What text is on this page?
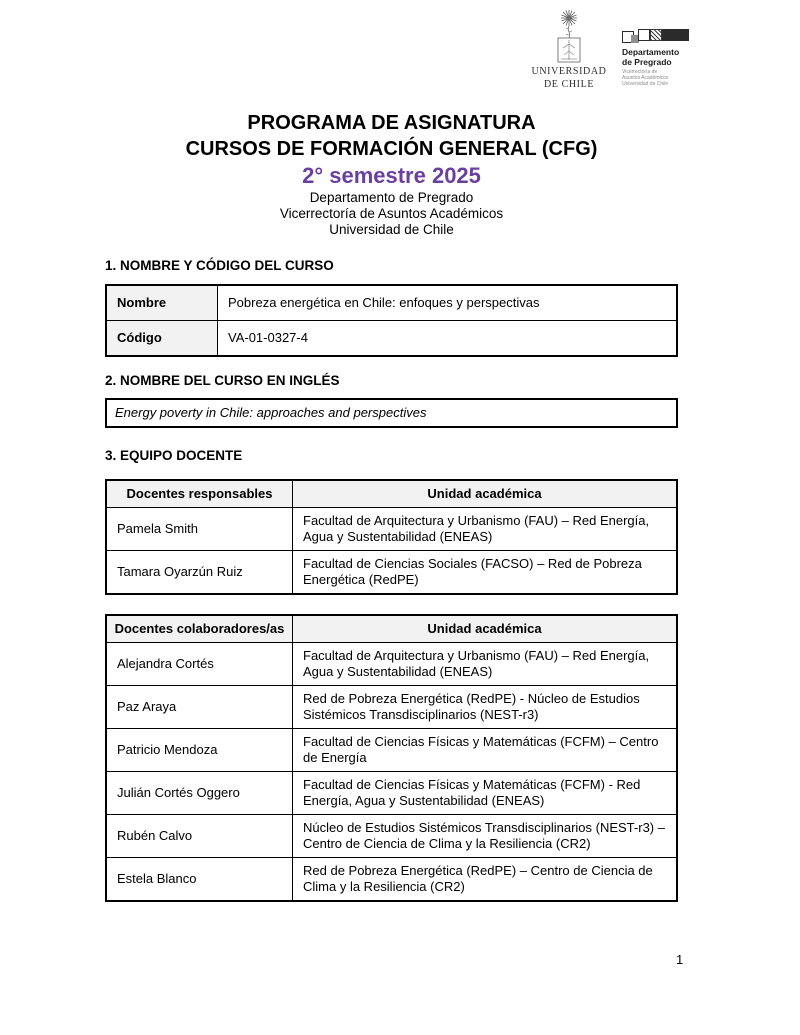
UNIVERSIDAD
DE CHILE
Departamento
de Pregrado
Vicerrectoría de
Asuntos Académicos
Universidad de Chile
PROGRAMA DE ASIGNATURA
CURSOS DE FORMACIÓN GENERAL (CFG)
2° semestre 2025
Departamento de Pregrado
Vicerrectoría de Asuntos Académicos
Universidad de Chile
1. NOMBRE Y CÓDIGO DEL CURSO
Nombre	Pobreza energética en Chile: enfoques y perspectivas
Código	VA-01-0327-4
2. NOMBRE DEL CURSO EN INGLÉS
Energy poverty in Chile: approaches and perspectives
3. EQUIPO DOCENTE
Docentes responsables	Unidad académica
Pamela Smith	Facultad de Arquitectura y Urbanismo (FAU) – Red Energía, Agua y Sustentabilidad (ENEAS)
Tamara Oyarzún Ruiz	Facultad de Ciencias Sociales (FACSO) – Red de Pobreza Energética (RedPE)
Docentes colaboradores/as	Unidad académica
Alejandra Cortés	Facultad de Arquitectura y Urbanismo (FAU) – Red Energía, Agua y Sustentabilidad (ENEAS)
Paz Araya	Red de Pobreza Energética (RedPE) - Núcleo de Estudios Sistémicos Transdisciplinarios (NEST-r3)
Patricio Mendoza	Facultad de Ciencias Físicas y Matemáticas (FCFM) – Centro de Energía
Julián Cortés Oggero	Facultad de Ciencias Físicas y Matemáticas (FCFM) - Red Energía, Agua y Sustentabilidad (ENEAS)
Rubén Calvo	Núcleo de Estudios Sistémicos Transdisciplinarios (NEST-r3) – Centro de Ciencia de Clima y la Resiliencia (CR2)
Estela Blanco	Red de Pobreza Energética (RedPE) – Centro de Ciencia de Clima y la Resiliencia (CR2)
1
